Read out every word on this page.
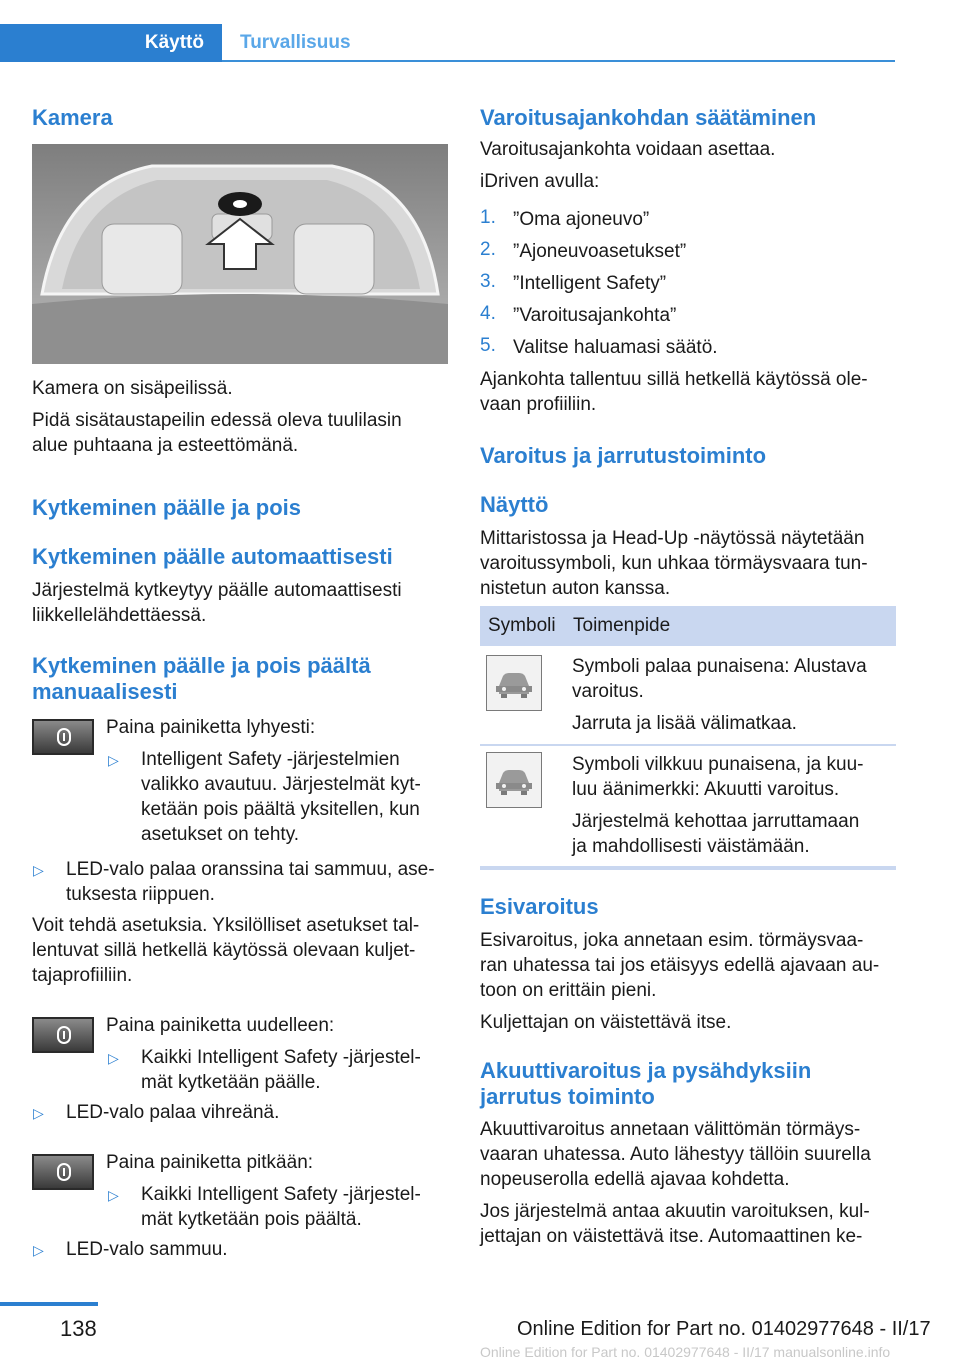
Käyttö	Turvallisuus
Kamera

Kamera on sisäpeilissä.

Pidä sisätaustapeilin edessä oleva tuulilasin

alue puhtaana ja esteettömänä.

Kytkeminen päälle ja pois
Kytkeminen päälle automaattisesti

Järjestelmä kytkeytyy päälle automaattisesti

liikkellelähdettäessä.

Kytkeminen päälle ja pois päältä
manuaalisesti

Paina painiketta lyhyesti:

▷ Intelligent Safety -järjestelmien

valikko avautuu. Järjestelmät kyt-

ketään pois päältä yksitellen, kun

asetukset on tehty.

▷ LED-valo palaa oranssina tai sammuu, ase-

tuksesta riippuen.

Voit tehdä asetuksia. Yksilölliset asetukset tal-

lentuvat sillä hetkellä käytössä olevaan kuljet-

tajaprofiiliin.

Paina painiketta uudelleen:

▷ Kaikki Intelligent Safety -järjestel-

mät kytketään päälle.

▷ LED-valo palaa vihreänä.

Paina painiketta pitkään:

▷ Kaikki Intelligent Safety -järjestel-

mät kytketään pois päältä.

▷ LED-valo sammuu.

Varoitusajankohdan säätäminen

Varoitusajankohta voidaan asettaa.

iDriven avulla:

1. ”Oma ajoneuvo”

2. ”Ajoneuvoasetukset”

3. ”Intelligent Safety”

4. ”Varoitusajankohta”

5. Valitse haluamasi säätö.

Ajankohta tallentuu sillä hetkellä käytössä ole-

vaan profiiliin.

Varoitus ja jarrutustoiminto
Näyttö

Mittaristossa ja Head-Up -näytössä näytetään

varoitussymboli, kun uhkaa törmäysvaara tun-

nistetun auton kanssa.

Symboli Toimenpide

Symboli palaa punaisena: Alustava

varoitus.

Jarruta ja lisää välimatkaa.

Symboli vilkkuu punaisena, ja kuu-

luu äänimerkki: Akuutti varoitus.

Järjestelmä kehottaa jarruttamaan

ja mahdollisesti väistämään.

Esivaroitus

Esivaroitus, joka annetaan esim. törmäysvaa-

ran uhatessa tai jos etäisyys edellä ajavaan au-

toon on erittäin pieni.

Kuljettajan on väistettävä itse.

Akuuttivaroitus ja pysähdyksiin
jarrutus toiminto

Akuuttivaroitus annetaan välittömän törmäys-

vaaran uhatessa. Auto lähestyy tällöin suurella

nopeuserolla edellä ajavaa kohdetta.

Jos järjestelmä antaa akuutin varoituksen, kul-

jettajan on väistettävä itse. Automaattinen ke-

138	Online Edition for Part no. 01402977648 - II/17
Online Edition for Part no. 01402977648 - II/17 manualsonline.info
